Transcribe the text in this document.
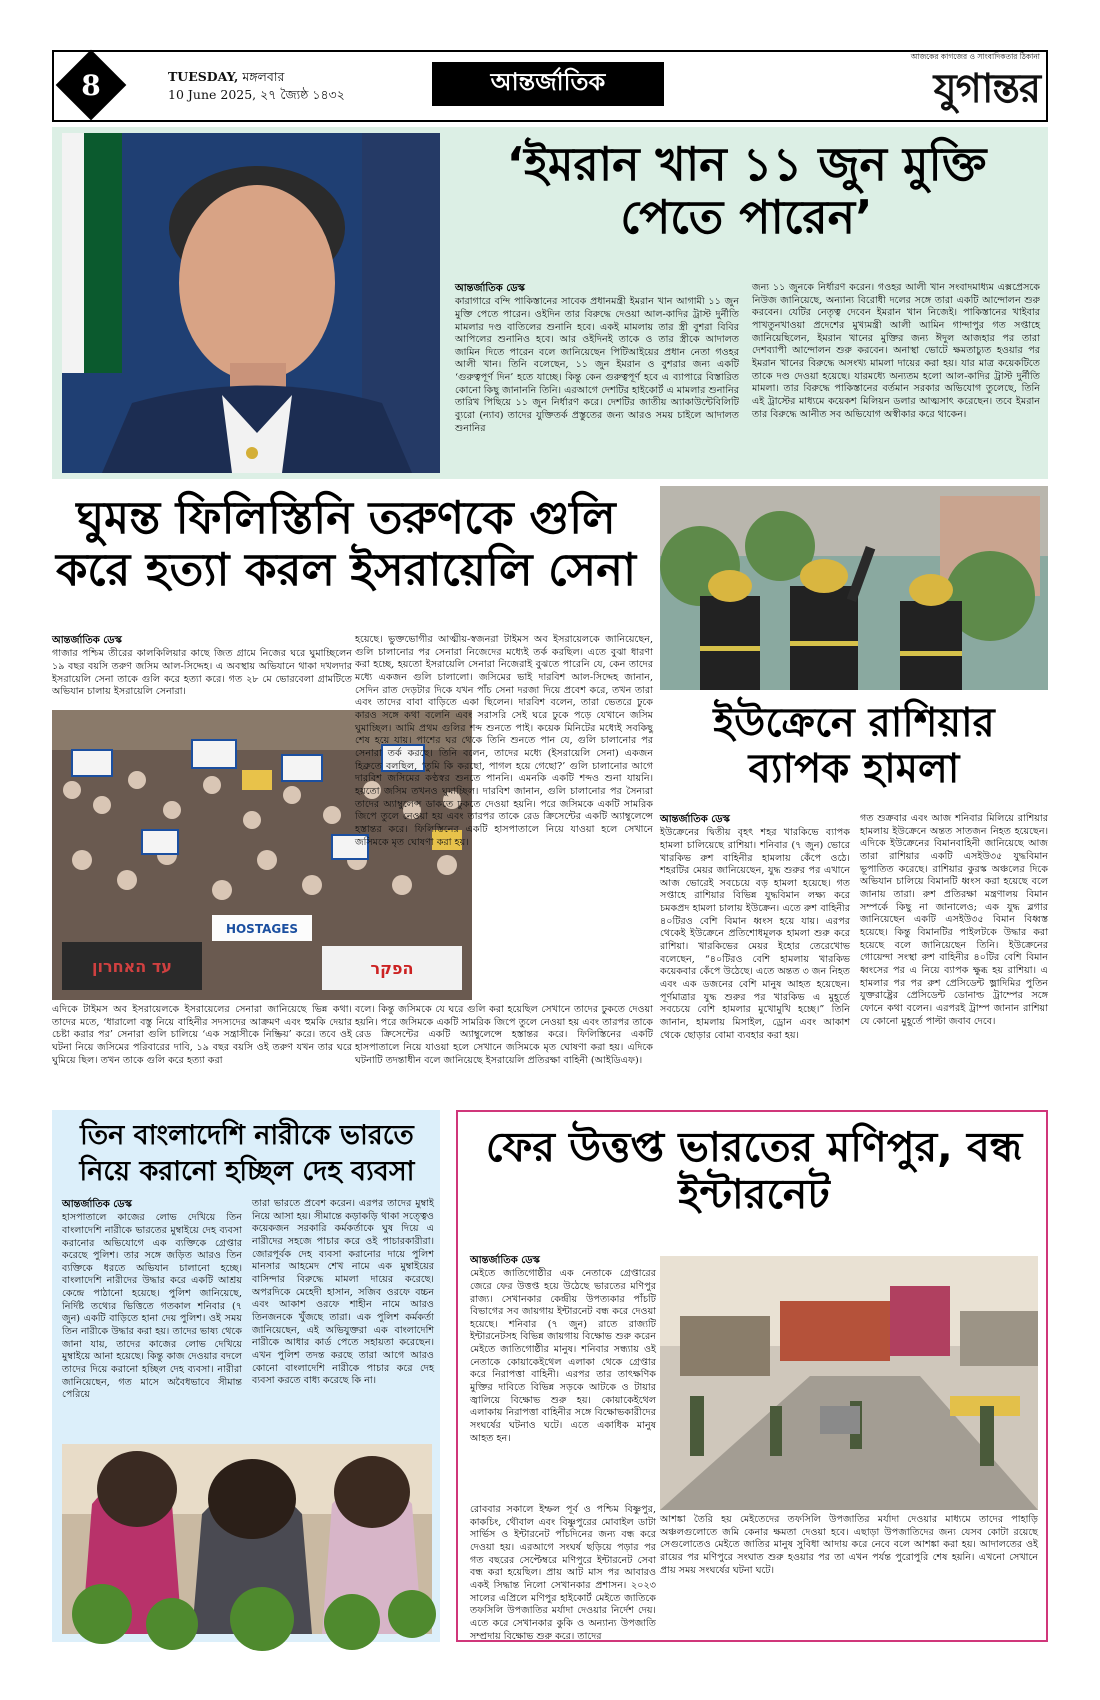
8	TUESDAY, মঙ্গলবার
10 June 2025, ২৭ জ্যৈষ্ঠ ১৪৩২	আন্তর্জাতিক
আজকের কাগজের ও সাংবাদিকতার ঠিকানা
যুগান্তর
‘ইমরান খান ১১ জুন মুক্তি পেতে পারেন’
আন্তর্জাতিক ডেস্ক

কারাগারে বন্দি পাকিস্তানের সাবেক প্রধানমন্ত্রী ইমরান খান আগামী ১১ জুন মুক্তি পেতে পারেন। ওইদিন তার বিরুদ্ধে দেওয়া আল-কাদির ট্রাস্ট দুর্নীতি মামলার দণ্ড বাতিলের শুনানি হবে। একই মামলায় তার স্ত্রী বুশরা বিবির আপিলের শুনানিও হবে। আর ওইদিনই তাকে ও তার স্ত্রীকে আদালত জামিন দিতে পারেন বলে জানিয়েছেন পিটিআইয়ের প্রধান নেতা গওহর আলী খান। তিনি বলেছেন, ১১ জুন ইমরান ও বুশরার জন্য একটি ‘গুরুত্বপূর্ণ দিন’ হতে যাচ্ছে। কিন্তু কেন গুরুত্বপূর্ণ হবে এ ব্যাপারে বিস্তারিত কোনো কিছু জানাননি তিনি। এরআগে দেশটির হাইকোর্ট এ মামলার শুনানির তারিখ পিছিয়ে ১১ জুন নির্ধারণ করে। দেশটির জাতীয় অ্যাকাউন্টেবিলিটি ব্যুরো (ন্যাব) তাদের যুক্তিতর্ক প্রস্তুতের জন্য আরও সময় চাইলে আদালত শুনানির

জন্য ১১ জুনকে নির্ধারণ করেন। গওহর আলী খান সংবাদমাধ্যম এক্সপ্রেসকে নিউজ জানিয়েছে, অন্যান্য বিরোধী দলের সঙ্গে তারা একটি আন্দোলন শুরু করবেন। যেটির নেতৃত্ব দেবেন ইমরান খান নিজেই। পাকিস্তানের খাইবার পাখতুনখাওয়া প্রদেশের মুখ্যমন্ত্রী আলী আমিন গান্দাপুর গত সপ্তাহে জানিয়েছিলেন, ইমরান খানের মুক্তির জন্য ঈদুল আজহার পর তারা দেশব্যাপী আন্দোলন শুরু করবেন। অনাস্থা ভোটে ক্ষমতাচ্যুত হওয়ার পর ইমরান খানের বিরুদ্ধে অসংখ্য মামলা দায়ের করা হয়। যার মাত্র কয়েকটিতে তাকে দণ্ড দেওয়া হয়েছে। যারমধ্যে অন্যতম হলো আল-কাদির ট্রাস্ট দুর্নীতি মামলা। তার বিরুদ্ধে পাকিস্তানের বর্তমান সরকার অভিযোগ তুলেছে, তিনি এই ট্রাস্টের মাধ্যমে কয়েকশ মিলিয়ন ডলার আত্মসাৎ করেছেন। তবে ইমরান তার বিরুদ্ধে আনীত সব অভিযোগ অস্বীকার করে থাকেন।

ঘুমন্ত ফিলিস্তিনি তরুণকে গুলি করে হত্যা করল ইসরায়েলি সেনা
আন্তর্জাতিক ডেস্ক

গাজার পশ্চিম তীরের কালকিলিয়ার কাছে জিত গ্রামে নিজের ঘরে ঘুমাচ্ছিলেন ১৯ বছর বয়সি তরুণ জসিম আল-সিদ্দেহ। এ অবস্থায় অভিযানে থাকা দখলদার ইসরায়েলি সেনা তাকে গুলি করে হত্যা করে। গত ২৮ মে ভোরবেলা গ্রামটিতে অভিযান চালায় ইসরায়েলি সেনারা।

עד האחרון	הפקר
HOSTAGES

হয়েছে। ভুক্তভোগীর আত্মীয়-স্বজনরা টাইমস অব ইসরায়েলকে জানিয়েছেন, গুলি চালানোর পর সেনারা নিজেদের মধ্যেই তর্ক করছিল। এতে বুঝা ধারণা করা হচ্ছে, হয়তো ইসরায়েলি সেনারা নিজেরাই বুঝতে পারেনি যে, কেন তাদের মধ্যে একজন গুলি চালালো। জসিমের ভাই দারবিশ আল-সিদ্দেহ জানান, সেদিন রাত দেড়টার দিকে যখন পাঁচ সেনা দরজা দিয়ে প্রবেশ করে, তখন তারা এবং তাদের বাবা বাড়িতে একা ছিলেন। দারবিশ বলেন, তারা ভেতরে ঢুকে কারও সঙ্গে কথা বলেনি এবং সরাসরি সেই ঘরে ঢুকে পড়ে যেখানে জসিম ঘুমাচ্ছিল। আমি প্রথম গুলির শব্দ শুনতে পাই। কয়েক মিনিটের মধ্যেই সবকিছু শেষ হয়ে যায়। পাশের ঘর থেকে তিনি শুনতে পান যে, গুলি চালানোর পর সেনারা তর্ক করছে। তিনি বলেন, তাদের মধ্যে (ইসরায়েলি সেনা) একজন হিব্রুতে বলছিল, ‘তুমি কি করছো, পাগল হয়ে গেছো?’ গুলি চালানোর আগে দারবিশ জসিমের কণ্ঠস্বর শুনতে পাননি। এমনকি একটি শব্দও শুনা যায়নি। হয়তো জসিম তখনও ঘুমাচ্ছিল। দারবিশ জানান, গুলি চালানোর পর সৈন্যরা তাদের অ্যাম্বুলেন্স ডাকতে ঢুকতে দেওয়া হয়নি। পরে জসিমকে একটি সামরিক জিপে তুলে নেওয়া হয় এবং তারপর তাকে রেড ক্রিসেন্টের একটি অ্যাম্বুলেন্সে হস্তান্তর করে। ফিলিস্তিনের একটি হাসপাতালে নিয়ে যাওয়া হলে সেখানে জসিমকে মৃত ঘোষণা করা হয়।

এদিকে টাইমস অব ইসরায়েলকে ইসরায়েলের সেনারা জানিয়েছে ভিন্ন কথা। তাদের মতে, ‘ধারালো বস্তু নিয়ে বাহিনীর সদস্যদের আক্রমণ এবং হুমকি দেয়ার চেষ্টা করার পর’ সেনারা গুলি চালিয়ে ‘এক সন্ত্রাসীকে নিষ্ক্রিয়’ করে। তবে ওই ঘটনা নিয়ে জসিমের পরিবারের দাবি, ১৯ বছর বয়সি ওই তরুণ যখন তার ঘরে ঘুমিয়ে ছিল। তখন তাকে গুলি করে হত্যা করা

বলে। কিন্তু জসিমকে যে ঘরে গুলি করা হয়েছিল সেখানে তাদের ঢুকতে দেওয়া হয়নি। পরে জসিমকে একটি সামরিক জিপে তুলে নেওয়া হয় এবং তারপর তাকে রেড ক্রিসেন্টের একটি অ্যাম্বুলেন্সে হস্তান্তর করে। ফিলিস্তিনের একটি হাসপাতালে নিয়ে যাওয়া হলে সেখানে জসিমকে মৃত ঘোষণা করা হয়। এদিকে ঘটনাটি তদন্তাধীন বলে জানিয়েছে ইসরায়েলি প্রতিরক্ষা বাহিনী (আইডিএফ)।

ইউক্রেনে রাশিয়ার ব্যাপক হামলা
আন্তর্জাতিক ডেস্ক

ইউক্রেনের দ্বিতীয় বৃহৎ শহর খারকিভে ব্যাপক হামলা চালিয়েছে রাশিয়া। শনিবার (৭ জুন) ভোরে খারকিভ রুশ বাহিনীর হামলায় কেঁপে ওঠে। শহরটির মেয়র জানিয়েছেন, যুদ্ধ শুরুর পর এখানে আজ ভোরেই সবচেয়ে বড় হামলা হয়েছে। গত সপ্তাহে রাশিয়ার বিভিন্ন যুদ্ধবিমান লক্ষ্য করে চমকপ্রদ হামলা চালায় ইউক্রেন। এতে রুশ বাহিনীর ৪০টিরও বেশি বিমান ধ্বংস হয়ে যায়। এরপর থেকেই ইউক্রেনে প্রতিশোধমূলক হামলা শুরু করে রাশিয়া। খারকিভের মেয়র ইহোর তেরেখোভ বলেছেন, “৪০টিরও বেশি হামলায় খারকিভ কয়েকবার কেঁপে উঠেছে। এতে অন্তত ৩ জন নিহত এবং এক ডজনের বেশি মানুষ আহত হয়েছেন। পূর্ণমাত্রার যুদ্ধ শুরুর পর খারকিভ এ মুহূর্তে সবচেয়ে বেশি হামলার মুখোমুখি হচ্ছে।” তিনি জানান, হামলায় মিসাইল, ড্রোন এবং আকাশ থেকে ছোড়ার বোমা ব্যবহার করা হয়।

গত শুক্রবার এবং আজ শনিবার মিলিয়ে রাশিয়ার হামলায় ইউক্রেনে অন্তত সাতজন নিহত হয়েছেন। এদিকে ইউক্রেনের বিমানবাহিনী জানিয়েছে আজ তারা রাশিয়ার একটি এসইউ৩৫ যুদ্ধবিমান ভূপাতিত করেছে। রাশিয়ার কুরস্ক অঞ্চলের দিকে অভিযান চালিয়ে বিমানটি ধ্বংস করা হয়েছে বলে জানায় তারা। রুশ প্রতিরক্ষা মন্ত্রণালয় বিমান সম্পর্কে কিছু না জানালেও; এক যুদ্ধ ব্লগার জানিয়েছেন একটি এসইউ৩৫ বিমান বিধ্বস্ত হয়েছে। কিন্তু বিমানটির পাইলটকে উদ্ধার করা হয়েছে বলে জানিয়েছেন তিনি। ইউক্রেনের গোয়েন্দা সংস্থা রুশ বাহিনীর ৪০টির বেশি বিমান ধ্বংসের পর এ নিয়ে ব্যাপক ক্ষুব্ধ হয় রাশিয়া। এ হামলার পর পর রুশ প্রেসিডেন্ট ভ্লাদিমির পুতিন যুক্তরাষ্ট্রের প্রেসিডেন্ট ডোনাল্ড ট্রাম্পের সঙ্গে ফোনে কথা বলেন। এরপরই ট্রাম্প জানান রাশিয়া যে কোনো মুহূর্তে পাল্টা জবাব দেবে।

তিন বাংলাদেশি নারীকে ভারতে নিয়ে করানো হচ্ছিল দেহ ব্যবসা
আন্তর্জাতিক ডেস্ক

হাসপাতালে কাজের লোভ দেখিয়ে তিন বাংলাদেশি নারীকে ভারতের মুম্বাইয়ে দেহ ব্যবসা করানোর অভিযোগে এক ব্যক্তিকে গ্রেপ্তার করেছে পুলিশ। তার সঙ্গে জড়িত আরও তিন ব্যক্তিকে ধরতে অভিযান চালানো হচ্ছে। বাংলাদেশি নারীদের উদ্ধার করে একটি আশ্রয় কেন্দ্রে পাঠানো হয়েছে। পুলিশ জানিয়েছে, নির্দিষ্ট তথ্যের ভিত্তিতে গতকাল শনিবার (৭ জুন) একটি বাড়িতে হানা দেয় পুলিশ। ওই সময় তিন নারীকে উদ্ধার করা হয়। তাদের ভাষ্য থেকে জানা যায়, তাদের কাজের লোভ দেখিয়ে মুম্বাইয়ে আনা হয়েছে। কিন্তু কাজ দেওয়ার বদলে তাদের দিয়ে করানো হচ্ছিল দেহ ব্যবসা। নারীরা জানিয়েছেন, গত মাসে অবৈধভাবে সীমান্ত পেরিয়ে

তারা ভারতে প্রবেশ করেন। এরপর তাদের মুম্বাই নিয়ে আসা হয়। সীমান্তে কড়াকড়ি থাকা সত্ত্বেও কয়েকজন সরকারি কর্মকর্তাকে ঘুষ দিয়ে এ নারীদের সহজে পাচার করে ওই পাচারকারীরা। জোরপূর্বক দেহ ব্যবসা করানোর দায়ে পুলিশ মানসার আহমেদ শেখ নামে এক মুম্বাইয়ের বাসিন্দার বিরুদ্ধে মামলা দায়ের করেছে। অপরদিকে মেহেদী হাসান, সজিব ওরফে বচ্চন এবং আকাশ ওরফে শাহীন নামে আরও তিনজনকে খুঁজছে তারা। এক পুলিশ কর্মকর্তা জানিয়েছেন, এই অভিযুক্তরা এক বাংলাদেশি নারীকে আধার কার্ড পেতে সহায়তা করেছেন। এখন পুলিশ তদন্ত করছে তারা আগে আরও কোনো বাংলাদেশি নারীকে পাচার করে দেহ ব্যবসা করতে বাধ্য করেছে কি না।

ফের উত্তপ্ত ভারতের মণিপুর, বন্ধ ইন্টারনেট
আন্তর্জাতিক ডেস্ক

মেইতে জাতিগোষ্ঠীর এক নেতাকে গ্রেপ্তারের জেরে ফের উত্তপ্ত হয়ে উঠেছে ভারতের মণিপুর রাজ্য। সেখানকার কেন্দ্রীয় উপত্যকার পাঁচটি বিভাগের সব জায়গায় ইন্টারনেট বন্ধ করে দেওয়া হয়েছে। শনিবার (৭ জুন) রাতে রাজ্যটি ইন্টারনেটসহ বিভিন্ন জায়গায় বিক্ষোভ শুরু করেন মেইতে জাতিগোষ্ঠীর মানুষ। শনিবার সন্ধ্যায় ওই নেতাকে কোয়াকেইথেল এলাকা থেকে গ্রেপ্তার করে নিরাপত্তা বাহিনী। এরপর তার তাৎক্ষণিক মুক্তির দাবিতে বিভিন্ন সড়কে আটকে ও টায়ার জ্বালিয়ে বিক্ষোভ শুরু হয়। কোয়াকেইথেল এলাকায় নিরাপত্তা বাহিনীর সঙ্গে বিক্ষোভকারীদের সংঘর্ষের ঘটনাও ঘটে। এতে একাধিক মানুষ আহত হন।

রোববার সকালে ইম্ফল পূর্ব ও পশ্চিম বিষ্ণুপুর, কাকচিং, থৌবাল এবং বিষ্ণুপুরের মোবাইল ডাটা সার্ভিস ও ইন্টারনেট পাঁচদিনের জন্য বন্ধ করে দেওয়া হয়। এরআগে সংঘর্ষ ছড়িয়ে পড়ার পর গত বছরের সেপ্টেম্বরে মণিপুরে ইন্টারনেট সেবা বন্ধ করা হয়েছিল। প্রায় আট মাস পর আবারও একই সিদ্ধান্ত নিলো সেখানকার প্রশাসন। ২০২৩ সালের এপ্রিলে মণিপুর হাইকোর্ট মেইতে জাতিকে তফসিলি উপজাতির মর্যাদা দেওয়ার নির্দেশ দেয়। এতে করে সেখানকার কুকি ও অন্যান্য উপজাতি সম্প্রদায় বিক্ষোভ শুরু করে। তাদের

আশঙ্কা তৈরি হয় মেইতেদের তফসিলি উপজাতির মর্যাদা দেওয়ার মাধ্যমে তাদের পাহাড়ি অঞ্চলগুলোতে জমি কেনার ক্ষমতা দেওয়া হবে। এছাড়া উপজাতিদের জন্য যেসব কোটা রয়েছে সেগুলোতেও মেইতে জাতির মানুষ সুবিধা আদায় করে নেবে বলে আশঙ্কা করা হয়। আদালতের ওই রায়ের পর মণিপুরে সংঘাত শুরু হওয়ার পর তা এখন পর্যন্ত পুরোপুরি শেষ হয়নি। এখনো সেখানে প্রায় সময় সংঘর্ষের ঘটনা ঘটে।
